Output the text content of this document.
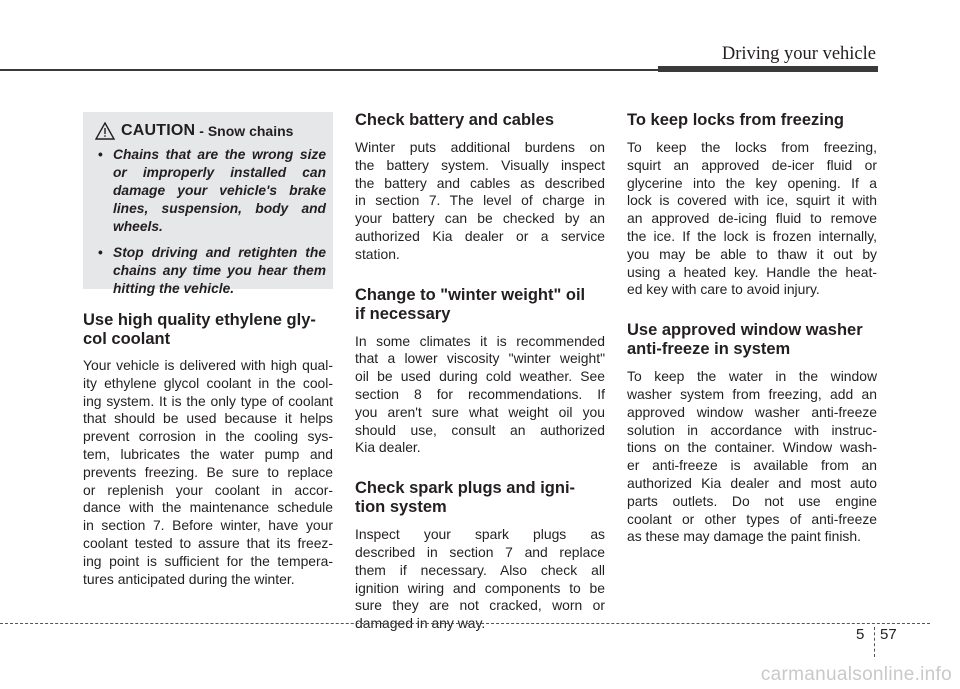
Driving your vehicle
CAUTION - Snow chains
• Chains that are the wrong size or improperly installed can damage your vehicle's brake lines, suspension, body and wheels.
• Stop driving and retighten the chains any time you hear them hitting the vehicle.
Use high quality ethylene gly-
col coolant

Your vehicle is delivered with high qual-
ity ethylene glycol coolant in the cool-
ing system. It is the only type of coolant
that should be used because it helps
prevent corrosion in the cooling sys-
tem, lubricates the water pump and
prevents freezing. Be sure to replace
or replenish your coolant in accor-
dance with the maintenance schedule
in section 7. Before winter, have your
coolant tested to assure that its freez-
ing point is sufficient for the tempera-
tures anticipated during the winter.

Check battery and cables

Winter puts additional burdens on
the battery system. Visually inspect
the battery and cables as described
in section 7. The level of charge in
your battery can be checked by an
authorized Kia dealer or a service
station.

Change to "winter weight" oil
if necessary

In some climates it is recommended
that a lower viscosity "winter weight"
oil be used during cold weather. See
section 8 for recommendations. If
you aren't sure what weight oil you
should use, consult an authorized
Kia dealer.

Check spark plugs and igni-
tion system

Inspect your spark plugs as
described in section 7 and replace
them if necessary. Also check all
ignition wiring and components to be
sure they are not cracked, worn or
damaged in any way.

To keep locks from freezing

To keep the locks from freezing,
squirt an approved de-icer fluid or
glycerine into the key opening. If a
lock is covered with ice, squirt it with
an approved de-icing fluid to remove
the ice. If the lock is frozen internally,
you may be able to thaw it out by
using a heated key. Handle the heat-
ed key with care to avoid injury.

Use approved window washer
anti-freeze in system

To keep the water in the window
washer system from freezing, add an
approved window washer anti-freeze
solution in accordance with instruc-
tions on the container. Window wash-
er anti-freeze is available from an
authorized Kia dealer and most auto
parts outlets. Do not use engine
coolant or other types of anti-freeze
as these may damage the paint finish.

5 57
carmanualsonline.info
